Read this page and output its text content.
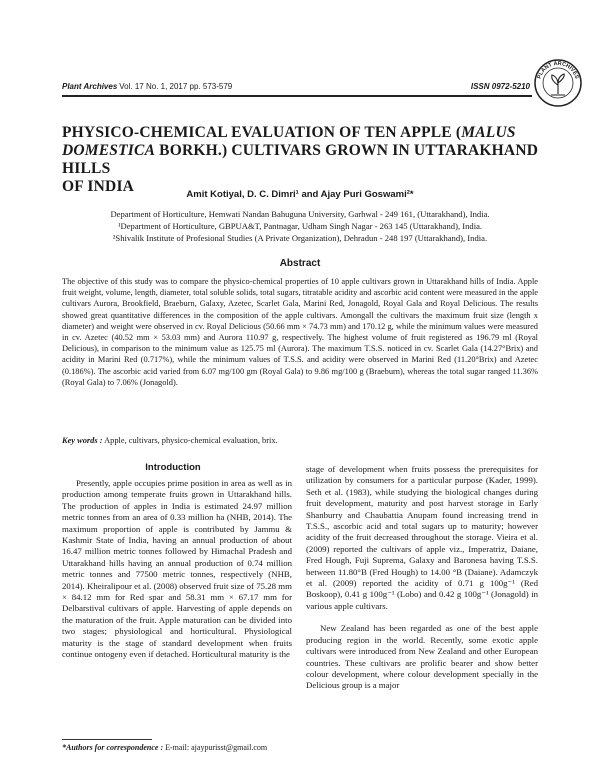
Plant Archives Vol. 17 No. 1, 2017 pp. 573-579	ISSN 0972-5210
PLANT ARCHIVES
PHYSICO-CHEMICAL EVALUATION OF TEN APPLE (MALUS
DOMESTICA BORKH.) CULTIVARS GROWN IN UTTARAKHAND HILLS
OF INDIA	Amit Kotiyal, D. C. Dimri¹ and Ajay Puri Goswami²*
Department of Horticulture, Hemwati Nandan Bahuguna University, Garhwal - 249 161, (Uttarakhand), India.
¹Department of Horticulture, GBPUA&T, Pantnagar, Udham Singh Nagar - 263 145 (Uttarakhand), India.
²Shivalik Institute of Profesional Studies (A Private Organization), Dehradun - 248 197 (Uttarakhand), India.
Abstract
The objective of this study was to compare the physico-chemical properties of 10 apple cultivars grown in Uttarakhand hills of India. Apple fruit weight, volume, length, diameter, total soluble solids, total sugars, titratable acidity and ascorbic acid content were measured in the apple cultivars Aurora, Brookfield, Braeburn, Galaxy, Azetec, Scarlet Gala, Marini Red, Jonagold, Royal Gala and Royal Delicious. The results showed great quantitative differences in the composition of the apple cultivars. Amongall the cultivars the maximum fruit size (length x diameter) and weight were observed in cv. Royal Delicious (50.66 mm × 74.73 mm) and 170.12 g, while the minimum values were measured in cv. Azetec (40.52 mm × 53.03 mm) and Aurora 110.97 g, respectively. The highest volume of fruit registered as 196.79 ml (Royal Delicious), in comparison to the minimum value as 125.75 ml (Aurora). The maximum T.S.S. noticed in cv. Scarlet Gala (14.27°Brix) and acidity in Marini Red (0.717%), while the minimum values of T.S.S. and acidity were observed in Marini Red (11.20°Brix) and Azetec (0.186%). The ascorbic acid varied from 6.07 mg/100 gm (Royal Gala) to 9.86 mg/100 g (Braeburn), whereas the total sugar ranged 11.36% (Royal Gala) to 7.06% (Jonagold).
Key words : Apple, cultivars, physico-chemical evaluation, brix.
Introduction

Presently, apple occupies prime position in area as well as in production among temperate fruits grown in Uttarakhand hills. The production of apples in India is estimated 24.97 million metric tonnes from an area of 0.33 million ha (NHB, 2014). The maximum proportion of apple is contributed by Jammu & Kashmir State of India, having an annual production of about 16.47 million metric tonnes followed by Himachal Pradesh and Uttarakhand hills having an annual production of 0.74 million metric tonnes and 77500 metric tonnes, respectively (NHB, 2014). Kheiralipour et al. (2008) observed fruit size of 75.28 mm × 84.12 mm for Red spar and 58.31 mm × 67.17 mm for Delbarstival cultivars of apple. Harvesting of apple depends on the maturation of the fruit. Apple maturation can be divided into two stages; physiological and horticultural. Physiological maturity is the stage of standard development when fruits continue ontogeny even if detached. Horticultural maturity is the

stage of development when fruits possess the prerequisites for utilization by consumers for a particular purpose (Kader, 1999). Seth et al. (1983), while studying the biological changes during fruit development, maturity and post harvest storage in Early Shanburry and Chaubattia Anupam found increasing trend in T.S.S., ascorbic acid and total sugars up to maturity; however acidity of the fruit decreased throughout the storage. Vieira et al. (2009) reported the cultivars of apple viz., Imperatriz, Daiane, Fred Hough, Fuji Suprema, Galaxy and Baronesa having T.S.S. between 11.80°B (Fred Hough) to 14.00 °B (Daiane). Adamczyk et al. (2009) reported the acidity of 0.71 g 100g⁻¹ (Red Boskoop), 0.41 g 100g⁻¹ (Lobo) and 0.42 g 100g⁻¹ (Jonagold) in various apple cultivars.

New Zealand has been regarded as one of the best apple producing region in the world. Recently, some exotic apple cultivars were introduced from New Zealand and other European countries. These cultivars are prolific bearer and show better colour development, where colour development specially in the Delicious group is a major

*Authors for correspondence : E-mail: ajaypurisst@gmail.com
